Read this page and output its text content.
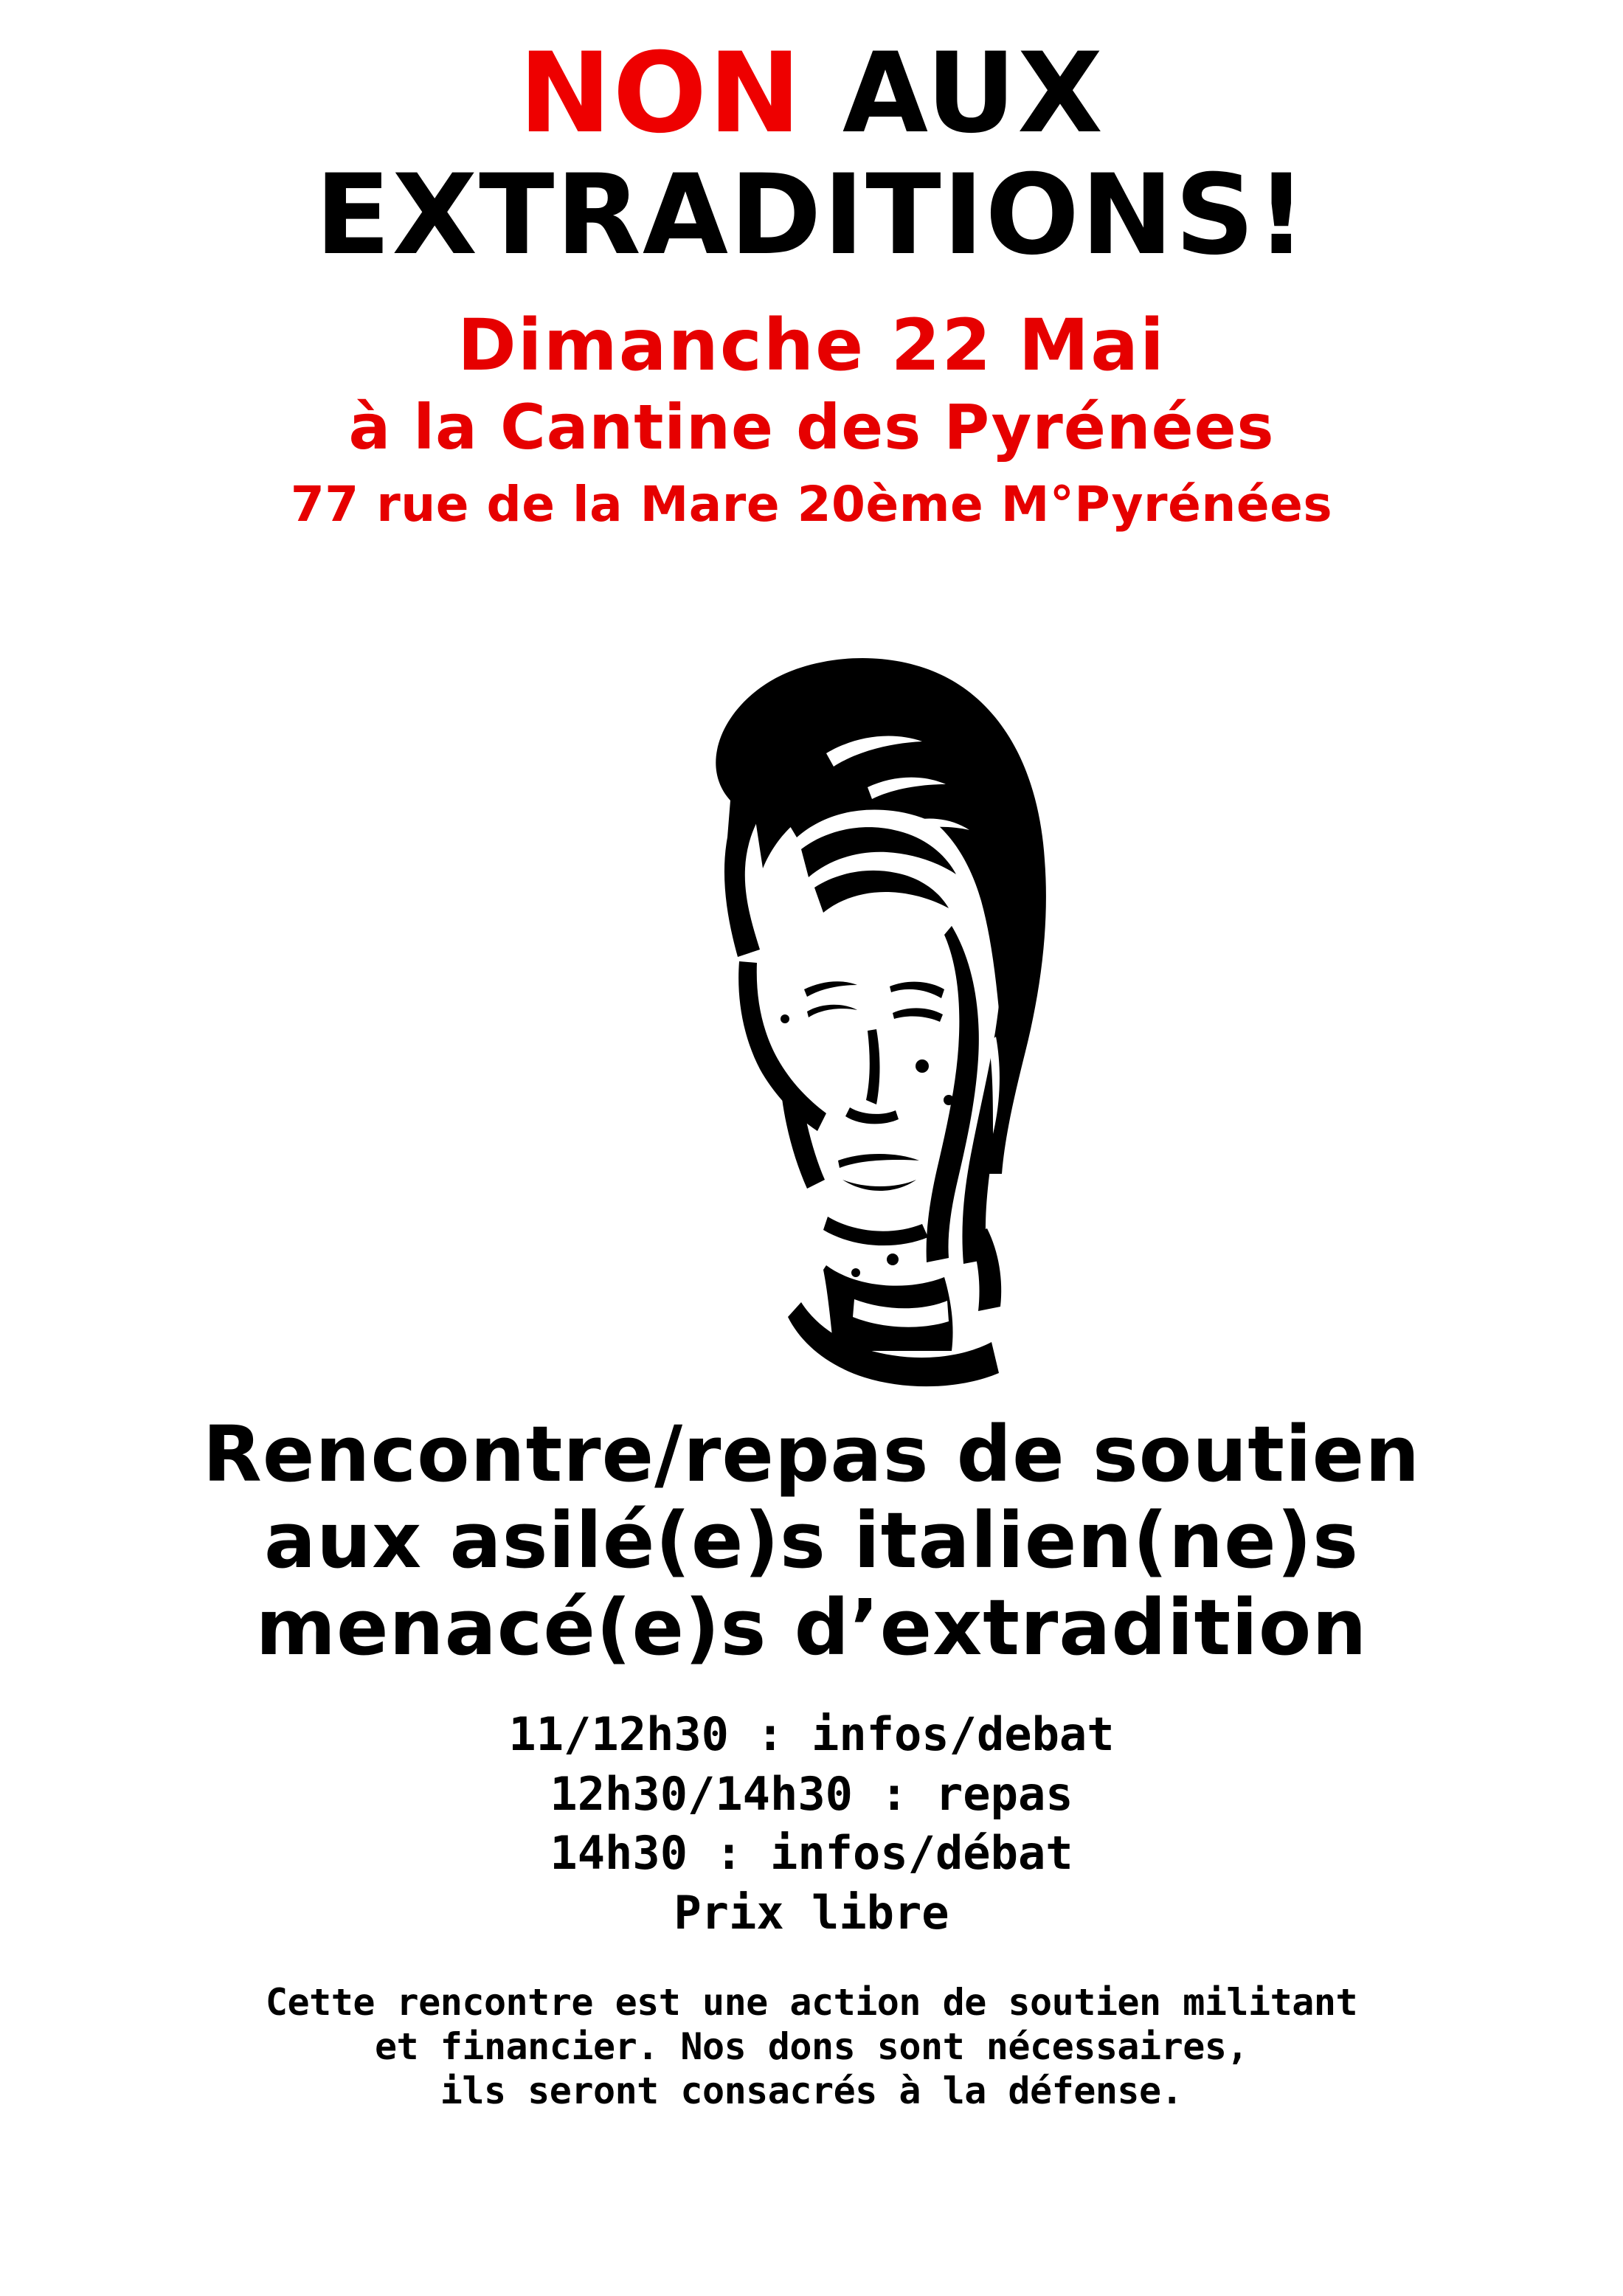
NON AUX
EXTRADITIONS!
Dimanche 22 Mai
à la Cantine des Pyrénées
77 rue de la Mare 20ème M°Pyrénées
Rencontre/repas de soutien
aux asilé(e)s italien(ne)s
menacé(e)s d’extradition
11/12h30 : infos/debat
12h30/14h30 : repas
14h30 : infos/débat
Prix libre
Cette rencontre est une action de soutien militant
et financier. Nos dons sont nécessaires,
ils seront consacrés à la défense.
